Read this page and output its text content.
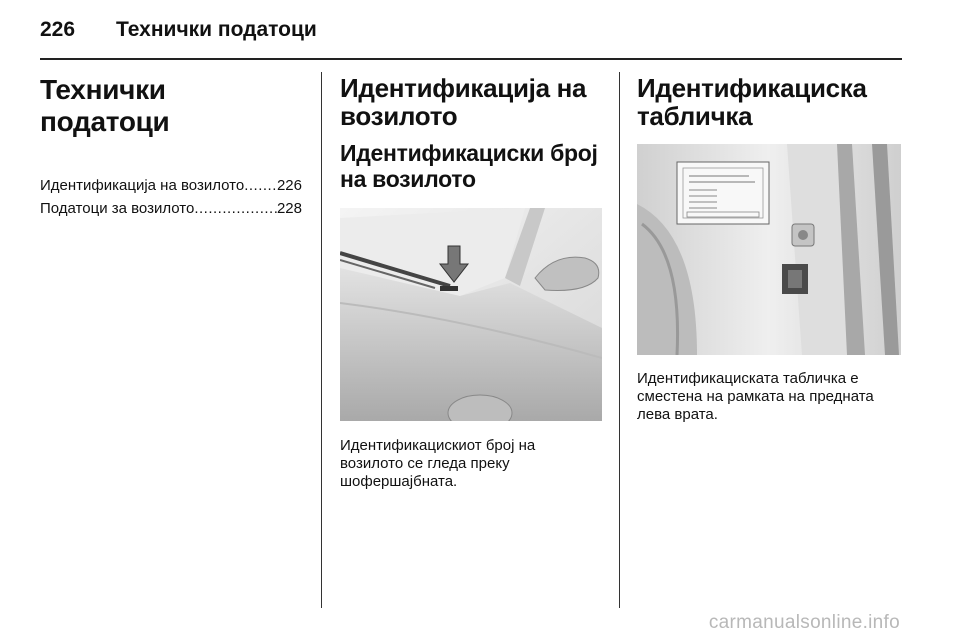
226 Технички податоци
Технички податоци
Идентификација на возилото ..... 226
Податоци за возилото .....	228
Идентификација на возилото
Идентификациски број на возилото

Идентификацискиот број на возилото се гледа преку шофершајбната.

Идентификациска табличка

Идентификациската табличка е сместена на рамката на предната лева врата.

carmanualsonline.info
